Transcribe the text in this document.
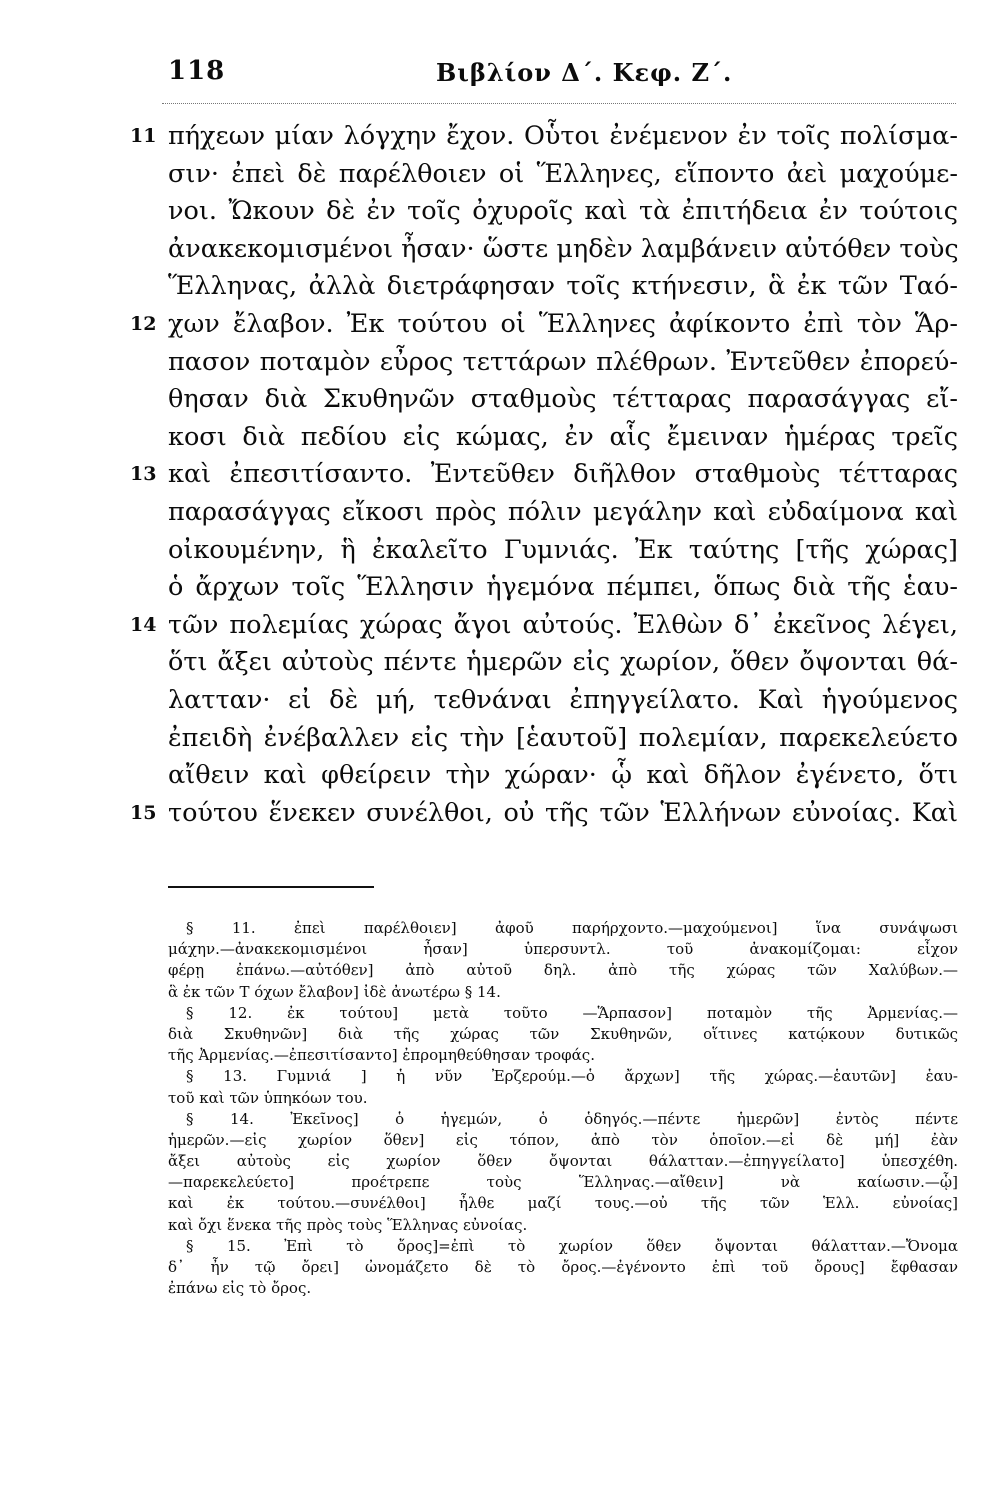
118	Βιβλίον Δ΄. Κεφ. Ζ΄.
11 πήχεων μίαν λόγχην ἔχον. Οὗτοι ἐνέμενον ἐν τοῖς πολίσμα-
σιν· ἐπεὶ δὲ παρέλθοιεν οἱ Ἕλληνες, εἵποντο ἀεὶ μαχούμε-
νοι. Ὤκουν δὲ ἐν τοῖς ὀχυροῖς καὶ τὰ ἐπιτήδεια ἐν τούτοις
ἀνακεκομισμένοι ἦσαν· ὥστε μηδὲν λαμβάνειν αὐτόθεν τοὺς
Ἕλληνας, ἀλλὰ διετράφησαν τοῖς κτήνεσιν, ἃ ἐκ τῶν Ταό-
12 χων ἔλαβον. Ἐκ τούτου οἱ Ἕλληνες ἀφίκοντο ἐπὶ τὸν Ἅρ-
πασον ποταμὸν εὖρος τεττάρων πλέθρων. Ἐντεῦθεν ἐπορεύ-
θησαν διὰ Σκυθηνῶν σταθμοὺς τέτταρας παρασάγγας εἴ-
κοσι διὰ πεδίου εἰς κώμας, ἐν αἷς ἔμειναν ἡμέρας τρεῖς
13 καὶ ἐπεσιτίσαντο. Ἐντεῦθεν διῆλθον σταθμοὺς τέτταρας
παρασάγγας εἴκοσι πρὸς πόλιν μεγάλην καὶ εὐδαίμονα καὶ
οἰκουμένην, ἣ ἐκαλεῖτο Γυμνιάς. Ἐκ ταύτης [τῆς χώρας]
ὁ ἄρχων τοῖς Ἕλλησιν ἡγεμόνα πέμπει, ὅπως διὰ τῆς ἑαυ-
14 τῶν πολεμίας χώρας ἄγοι αὐτούς. Ἐλθὼν δ᾽ ἐκεῖνος λέγει,
ὅτι ἄξει αὐτοὺς πέντε ἡμερῶν εἰς χωρίον, ὅθεν ὄψονται θά-
λατταν· εἰ δὲ μή, τεθνάναι ἐπηγγείλατο. Καὶ ἡγούμενος
ἐπειδὴ ἐνέβαλλεν εἰς τὴν [ἑαυτοῦ] πολεμίαν, παρεκελεύετο
αἴθειν καὶ φθείρειν τὴν χώραν· ᾧ καὶ δῆλον ἐγένετο, ὅτι
15 τούτου ἕνεκεν συνέλθοι, οὐ τῆς τῶν Ἑλλήνων εὐνοίας. Καὶ
§ 11. ἐπεὶ παρέλθοιεν] ἀφοῦ παρήρχοντο.—μαχούμενοι] ἵνα συνάψωσι
μάχην.—ἀνακεκομισμένοι ἦσαν] ὑπερσυντλ. τοῦ ἀνακομίζομαι: εἶχον
φέρῃ ἐπάνω.—αὐτόθεν] ἀπὸ αὐτοῦ δηλ. ἀπὸ τῆς χώρας τῶν Χαλύβων.—
ἃ ἐκ τῶν Τ όχων ἔλαβον] ἰδὲ ἀνωτέρω § 14.
§ 12. ἐκ τούτου] μετὰ τοῦτο —Ἅρπασον] ποταμὸν τῆς Ἀρμενίας.—
διὰ Σκυθηνῶν] διὰ τῆς χώρας τῶν Σκυθηνῶν, οἵτινες κατῴκουν δυτικῶς
τῆς Ἀρμενίας.—ἐπεσιτίσαντο] ἐπρομηθεύθησαν τροφάς.
§ 13. Γυμνιά ] ἡ νῦν Ἐρζερούμ.—ὁ ἄρχων] τῆς χώρας.—ἑαυτῶν] ἑαυ-
τοῦ καὶ τῶν ὑπηκόων του.
§ 14. Ἐκεῖνος] ὁ ἡγεμών, ὁ ὁδηγός.—πέντε ἡμερῶν] ἐντὸς πέντε
ἡμερῶν.—εἰς χωρίον ὅθεν] εἰς τόπον, ἀπὸ τὸν ὁποῖον.—εἰ δὲ μή] ἐὰν
ἄξει αὐτοὺς εἰς χωρίον ὅθεν ὄψονται θάλατταν.—ἐπηγγείλατο] ὑπεσχέθη.
—παρεκελεύετο] προέτρεπε τοὺς Ἕλληνας.—αἴθειν] νὰ καίωσιν.—ᾧ]
καὶ ἐκ τούτου.—συνέλθοι] ἦλθε μαζί τους.—οὐ τῆς τῶν Ἑλλ. εὐνοίας]
καὶ ὄχι ἕνεκα τῆς πρὸς τοὺς Ἕλληνας εὐνοίας.
§ 15. Ἐπὶ τὸ ὄρος]=ἐπὶ τὸ χωρίον ὅθεν ὄψονται θάλατταν.—Ὄνομα
δ᾽ ἦν τῷ ὄρει] ὠνομάζετο δὲ τὸ ὄρος.—ἐγένοντο ἐπὶ τοῦ ὄρους] ἔφθασαν
ἐπάνω εἰς τὸ ὄρος.
